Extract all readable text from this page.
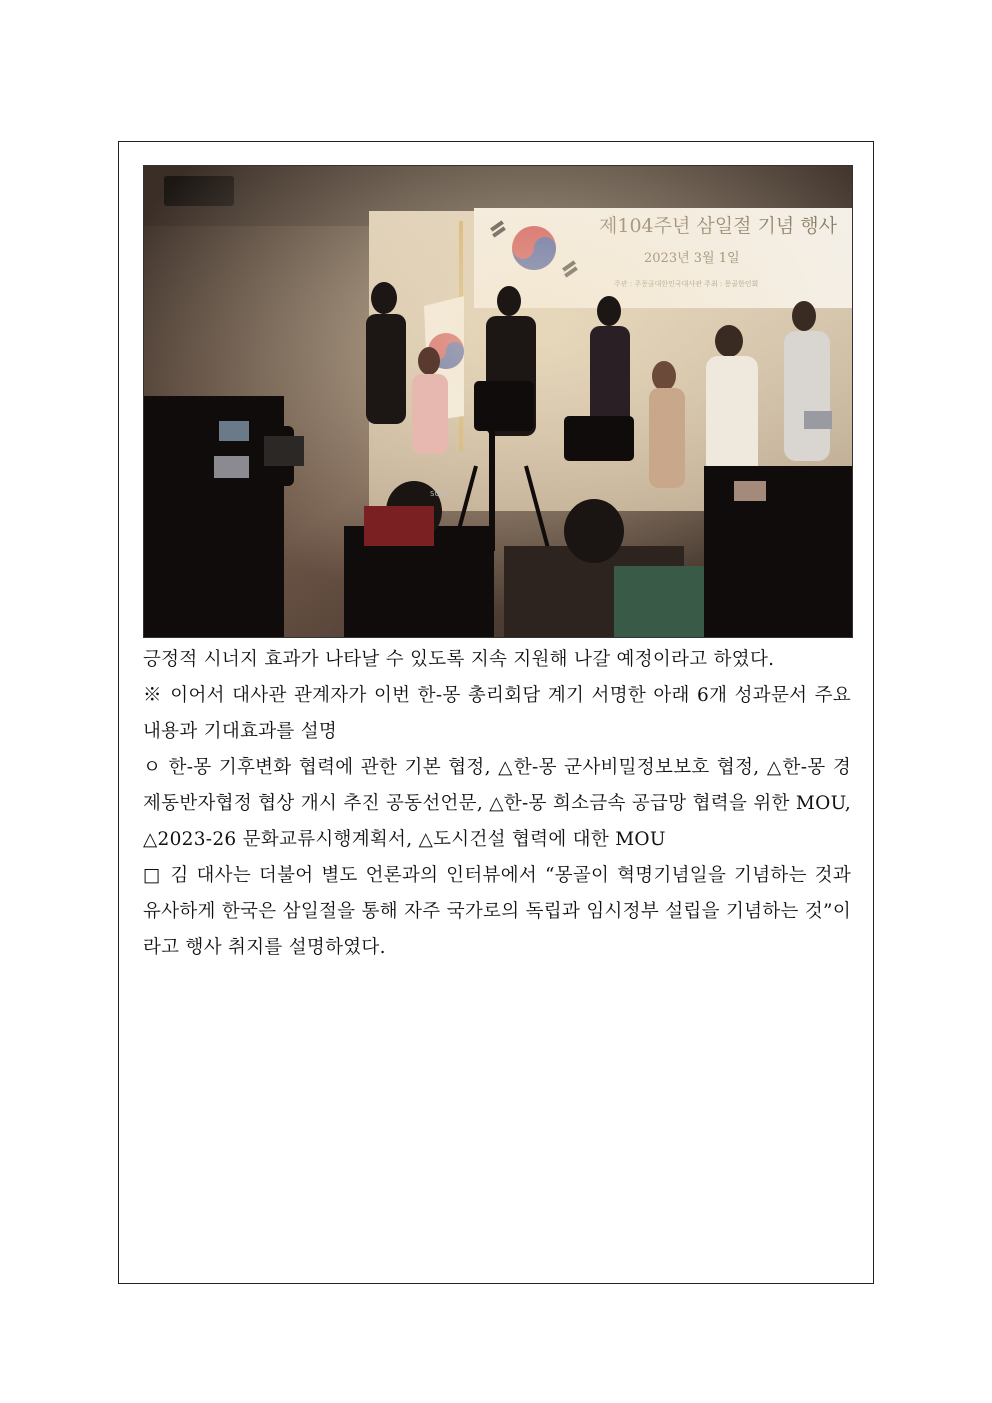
SONY

긍정적 시너지 효과가 나타날 수 있도록 지속 지원해 나갈 예정이라고 하였다.

※ 이어서 대사관 관계자가 이번 한-몽 총리회담 계기 서명한 아래 6개 성과문서 주요 내용과 기대효과를 설명

ㅇ 한-몽 기후변화 협력에 관한 기본 협정, △한-몽 군사비밀정보보호 협정, △한-몽 경제동반자협정 협상 개시 추진 공동선언문, △한-몽 희소금속 공급망 협력을 위한 MOU, △2023-26 문화교류시행계획서, △도시건설 협력에 대한 MOU

□ 김 대사는 더불어 별도 언론과의 인터뷰에서 “몽골이 혁명기념일을 기념하는 것과 유사하게 한국은 삼일절을 통해 자주 국가로의 독립과 임시정부 설립을 기념하는 것”이라고 행사 취지를 설명하였다.
